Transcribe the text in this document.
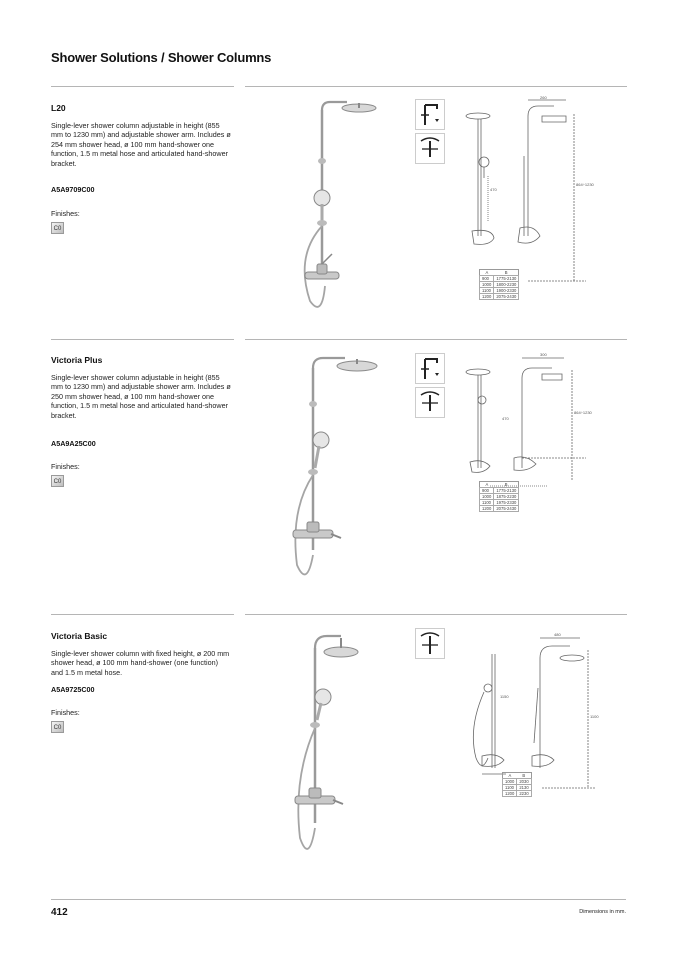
Shower Solutions / Shower Columns
L20
Single-lever shower column adjustable in height (855 mm to 1230 mm) and adjustable shower arm. Includes ø 254 mm shower head, ø 100 mm hand-shower one function, 1.5 m metal hose and articulated hand-shower bracket.
A5A9709C00
Finishes:
C0
260
864÷1230
470
A	B
900	1775-2130
1000	1800-2230
1100	1900-2330
1200	2075-2430
Victoria Plus
Single-lever shower column adjustable in height (855 mm to 1230 mm) and adjustable shower arm. Includes ø 250 mm shower head, ø 100 mm hand-shower one function, 1.5 m metal hose and articulated hand-shower bracket.
A5A9A25C00
Finishes:
C0
300
864÷1230
470
A	B
900	1775-2130
1000	1875-2230
1100	1975-2330
1200	2075-2430
Victoria Basic
Single-lever shower column with fixed height, ø 200 mm shower head, ø 100 mm hand-shower (one function) and 1.5 m metal hose.
A5A9725C00
Finishes:
C0
480
1100
1150
A	B
1000	2030
1100	2130
1200	2230
412	Dimensions in mm.
